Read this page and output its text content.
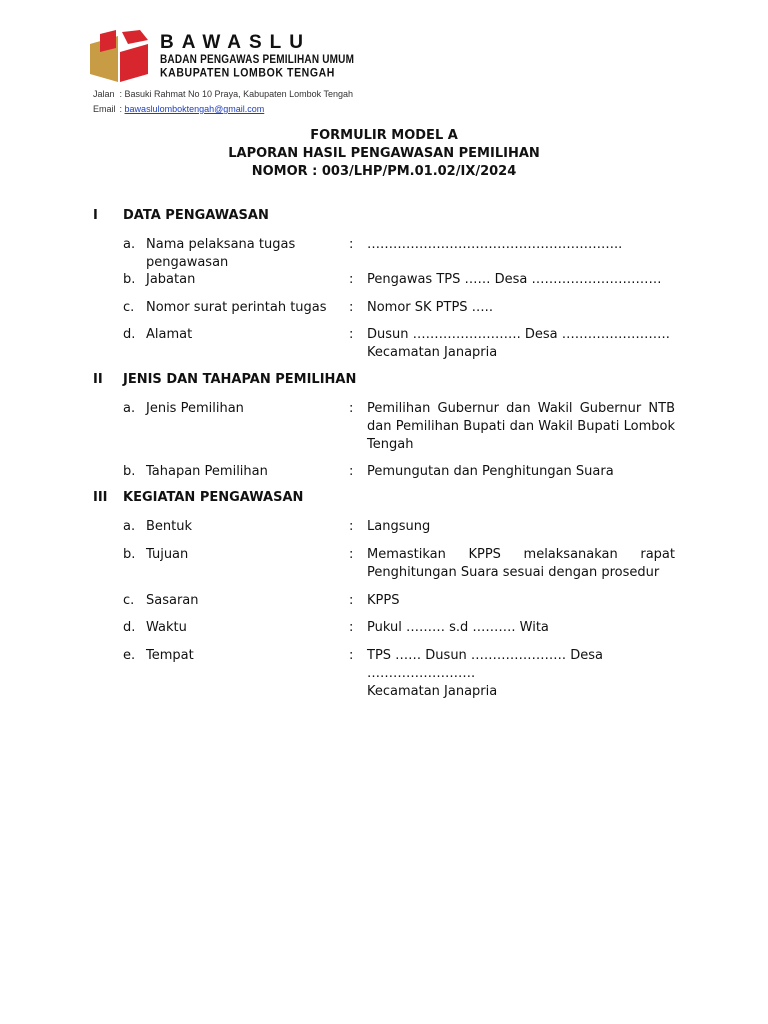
BAWASLU
BADAN PENGAWAS PEMILIHAN UMUM
KABUPATEN LOMBOK TENGAH
Jalan : Basuki Rahmat No 10 Praya, Kabupaten Lombok Tengah
Email : bawaslulomboktengah@gmail.com
FORMULIR MODEL A
LAPORAN HASIL PENGAWASAN PEMILIHAN
NOMOR : 003/LHP/PM.01.02/IX/2024
I DATA PENGAWASAN
a. Nama pelaksana tugas pengawasan
: …………………………………………………..
b. Jabatan	: Pengawas TPS …… Desa …………………………
c. Nomor surat perintah tugas	: Nomor SK PTPS …..
d. Alamat	: Dusun ……………………. Desa …………………….
Kecamatan Janapria
II JENIS DAN TAHAPAN PEMILIHAN
a. Jenis Pemilihan	: Pemilihan Gubernur dan Wakil Gubernur NTB dan Pemilihan Bupati dan Wakil Bupati Lombok Tengah
b. Tahapan Pemilihan	: Pemungutan dan Penghitungan Suara
III KEGIATAN PENGAWASAN
a. Bentuk	: Langsung
b. Tujuan	: Memastikan KPPS melaksanakan rapat Penghitungan Suara sesuai dengan prosedur
c. Sasaran	: KPPS
d. Waktu	: Pukul ……… s.d ………. Wita
e. Tempat	: TPS …… Dusun …………………. Desa …………………….
Kecamatan Janapria
